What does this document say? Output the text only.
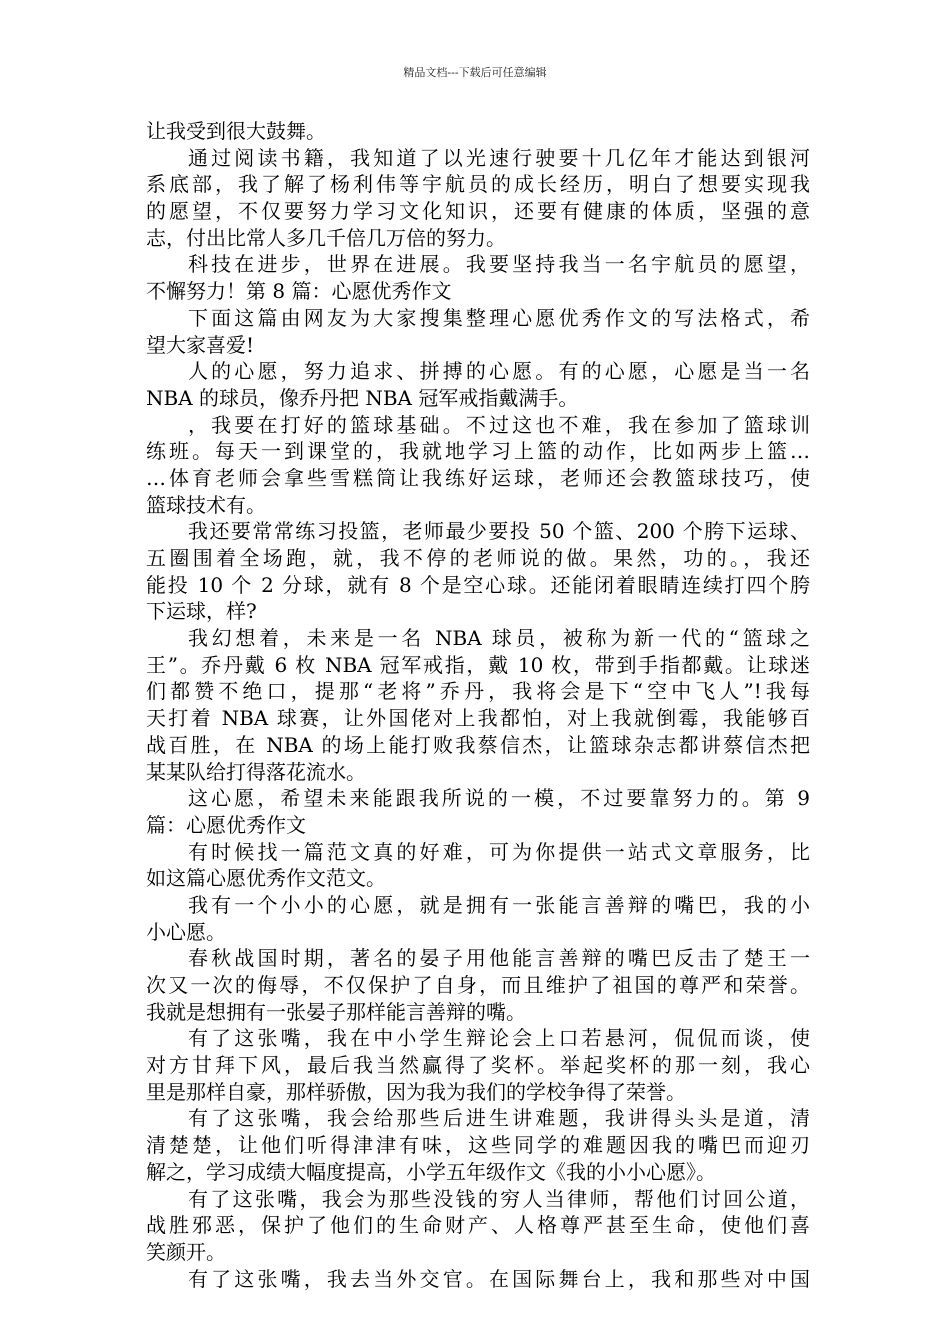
精品文档---下载后可任意编辑
让我受到很大鼓舞。
通过阅读书籍，我知道了以光速行驶要十几亿年才能达到银河
系底部，我了解了杨利伟等宇航员的成长经历，明白了想要实现我
的愿望，不仅要努力学习文化知识，还要有健康的体质，坚强的意
志，付出比常人多几千倍几万倍的努力。
科技在进步，世界在进展。我要坚持我当一名宇航员的愿望，
不懈努力！第 8 篇：心愿优秀作文
下面这篇由网友为大家搜集整理心愿优秀作文的写法格式，希
望大家喜爱!
人的心愿，努力追求、拼搏的心愿。有的心愿，心愿是当一名
NBA 的球员，像乔丹把 NBA 冠军戒指戴满手。
，我要在打好的篮球基础。不过这也不难，我在参加了篮球训
练班。每天一到课堂的，我就地学习上篮的动作，比如两步上篮…
…体育老师会拿些雪糕筒让我练好运球，老师还会教篮球技巧，使
篮球技术有。
我还要常常练习投篮，老师最少要投 50 个篮、200 个胯下运球、
五圈围着全场跑，就，我不停的老师说的做。果然，功的。，我还
能投 10 个 2 分球，就有 8 个是空心球。还能闭着眼睛连续打四个胯
下运球，样?
我幻想着，未来是一名 NBA 球员，被称为新一代的“篮球之
王”。乔丹戴 6 枚 NBA 冠军戒指，戴 10 枚，带到手指都戴。让球迷
们都赞不绝口，提那“老将”乔丹，我将会是下“空中飞人”!我每
天打着 NBA 球赛，让外国佬对上我都怕，对上我就倒霉，我能够百
战百胜，在 NBA 的场上能打败我蔡信杰，让篮球杂志都讲蔡信杰把
某某队给打得落花流水。
这心愿，希望未来能跟我所说的一模，不过要靠努力的。第 9
篇：心愿优秀作文
有时候找一篇范文真的好难，可为你提供一站式文章服务，比
如这篇心愿优秀作文范文。
我有一个小小的心愿，就是拥有一张能言善辩的嘴巴，我的小
小心愿。
春秋战国时期，著名的晏子用他能言善辩的嘴巴反击了楚王一
次又一次的侮辱，不仅保护了自身，而且维护了祖国的尊严和荣誉。
我就是想拥有一张晏子那样能言善辩的嘴。
有了这张嘴，我在中小学生辩论会上口若悬河，侃侃而谈，使
对方甘拜下风，最后我当然赢得了奖杯。举起奖杯的那一刻，我心
里是那样自豪，那样骄傲，因为我为我们的学校争得了荣誉。
有了这张嘴，我会给那些后进生讲难题，我讲得头头是道，清
清楚楚，让他们听得津津有味，这些同学的难题因我的嘴巴而迎刃
解之，学习成绩大幅度提高，小学五年级作文《我的小小心愿》。
有了这张嘴，我会为那些没钱的穷人当律师，帮他们讨回公道，
战胜邪恶，保护了他们的生命财产、人格尊严甚至生命，使他们喜
笑颜开。
有了这张嘴，我去当外交官。在国际舞台上，我和那些对中国
